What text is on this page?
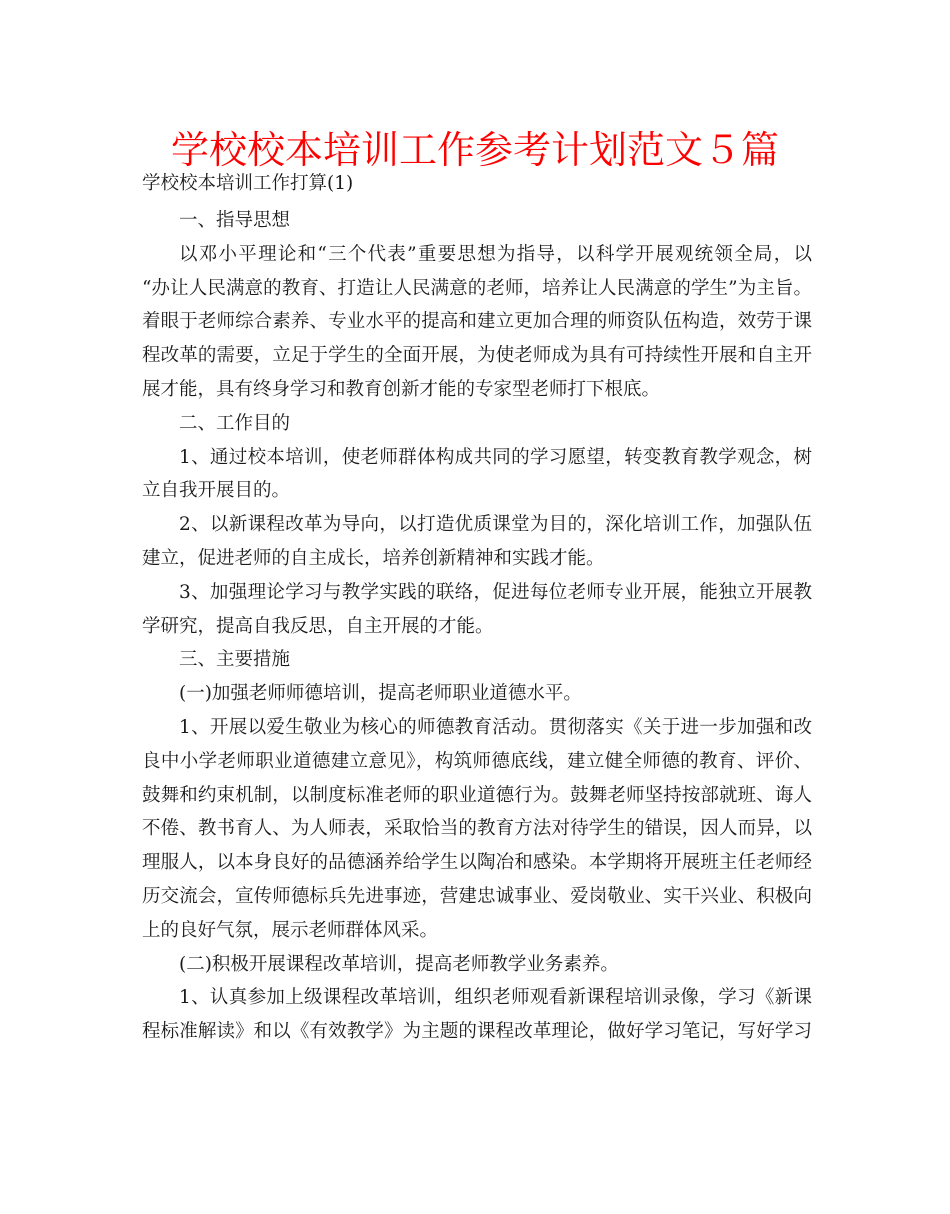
学校校本培训工作参考计划范文５篇
学校校本培训工作打算(1)
一、指导思想
以邓小平理论和“三个代表”重要思想为指导，以科学开展观统领全局，以
“办让人民满意的教育、打造让人民满意的老师，培养让人民满意的学生”为主旨。
着眼于老师综合素养、专业水平的提高和建立更加合理的师资队伍构造，效劳于课
程改革的需要，立足于学生的全面开展，为使老师成为具有可持续性开展和自主开
展才能，具有终身学习和教育创新才能的专家型老师打下根底。
二、工作目的
1、通过校本培训，使老师群体构成共同的学习愿望，转变教育教学观念，树
立自我开展目的。
2、以新课程改革为导向，以打造优质课堂为目的，深化培训工作，加强队伍
建立，促进老师的自主成长，培养创新精神和实践才能。
3、加强理论学习与教学实践的联络，促进每位老师专业开展，能独立开展教
学研究，提高自我反思，自主开展的才能。
三、主要措施
(一)加强老师师德培训，提高老师职业道德水平。
1、开展以爱生敬业为核心的师德教育活动。贯彻落实《关于进一步加强和改
良中小学老师职业道德建立意见》，构筑师德底线，建立健全师德的教育、评价、
鼓舞和约束机制，以制度标准老师的职业道德行为。鼓舞老师坚持按部就班、诲人
不倦、教书育人、为人师表，采取恰当的教育方法对待学生的错误，因人而异，以
理服人，以本身良好的品德涵养给学生以陶冶和感染。本学期将开展班主任老师经
历交流会，宣传师德标兵先进事迹，营建忠诚事业、爱岗敬业、实干兴业、积极向
上的良好气氛，展示老师群体风采。
(二)积极开展课程改革培训，提高老师教学业务素养。
1、认真参加上级课程改革培训，组织老师观看新课程培训录像，学习《新课
程标准解读》和以《有效教学》为主题的课程改革理论，做好学习笔记，写好学习
